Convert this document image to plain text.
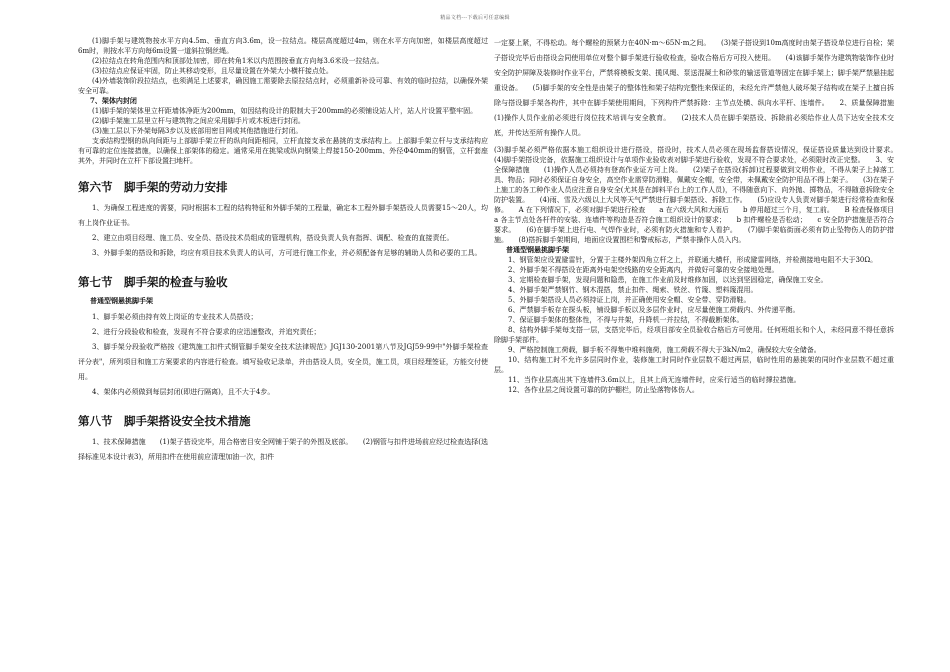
精品文档---下载后可任意编辑

(1)脚手架与建筑物按水平方向4.5m、垂直方向3.6m，设一拉结点。楼层高度超过4m，则在水平方向加密，如楼层高度超过6m时，则按水平方向每6m设置一道斜拉钢丝绳。

(2)拉结点在转角范围内和顶部处加密，即在转角1米以内范围按垂直方向每3.6米设一拉结点。

(3)拉结点应保证牢固，防止其移动变形，且尽量设置在外架大小横杆接点处。

(4)外墙装饰阶段拉结点，也须满足上述要求，确因施工需要除去原拉结点时，必须重新补设可靠、有效的临时拉结，以确保外架安全可靠。

7、架体内封闭

(1)脚手架的架体里立杆距墙体净距为200mm，如因结构设计的限制大于200mm的必须铺设站人片，站人片设置平整牢固。

(2)脚手架施工层里立杆与建筑物之间应采用脚手片或木板进行封闭。

(3)施工层以下外架每隔3步以及底部用密目网或其他措施进行封闭。

支承结构型钢的纵向间距与上部脚手架立杆的纵向间距相同，立杆直接支承在悬挑的支承结构上。上部脚手架立杆与支承结构应有可靠的定位连接措施，以确保上部架体的稳定。通常采用在挑梁或纵向钢梁上焊接150-200mm、外径Φ40mm的钢管，立杆套座其外，并同时在立杆下部设置扫地杆。

第六节　脚手架的劳动力安排

1、为确保工程进度的需要，同时根据本工程的结构特征和外脚手架的工程量，确定本工程外脚手架搭设人员需要15～20人，均有上岗作业证书。

2、建立由项目经理、施工员、安全员、搭设技术员组成的管理机构，搭设负责人负有指挥、调配、检查的直接责任。

3、外脚手架的搭设和拆除，均应有项目技术负责人的认可，方可进行施工作业，并必须配备有足够的辅助人员和必要的工具。

第七节　脚手架的检查与验收

普通型钢悬挑脚手架

1、脚手架必须由持有效上岗证的专业技术人员搭设；

2、进行分段验收和检查，发现有不符合要求的应迅速整改，并追究责任；

3、脚手架分段验收严格按《建筑施工扣件式钢管脚手架安全技术法律规范》JGJ130-2001第八节及JGJ59-99中"外脚手架检查评分表"，所列项目和施工方案要求的内容进行检查。填写验收记录单，并由搭设人员，安全员，施工员，项目经理签证，方能交付使用。

4、架体内必须做到每层封闭(即进行隔离)，且不大于4步。

第八节　脚手架搭设安全技术措施

1、技术保障措施　　(1)架子搭设完毕，用合格密目安全网铺于架子的外围及底部。　　(2)钢管与扣件进场前应经过检查选择(选择标准见本设计表3)，所用扣件在使用前应清理加油一次，扣件

一定要上紧，不得松动。每个螺栓的预紧力在40N·m～65N·m之间。　　(3)架子搭设到10m高度时由架子搭设单位进行自检；架子搭设完毕后由搭设会同使用单位对整个脚手架进行验收检查，验收合格后方可投入使用。　　(4)该脚手架作为建筑物装饰作业时安全防护屏障及装修时作业平台，严禁将模板支架、揽风绳、泵送混凝土和砂浆的输送管道等固定在脚手架上；脚手架严禁悬挂起重设备。　　(5)脚手架的安全性是由架子的整体性和架子结构完整性来保证的，未经允许严禁他人破坏架子结构或在架子上擅自拆除与搭设脚手架各构件，其中在脚手架使用期间，下列构件严禁拆除：主节点处横、纵向水平杆、连墙件。　　2、质量保障措施　　(1)操作人员作业前必须进行岗位技术培训与安全教育。　　(2)技术人员在脚手架搭设、拆除前必须给作业人员下达安全技术交底，并传达至所有操作人员。

(3)脚手架必须严格依据本施工组织设计进行搭设，搭设时，技术人员必须在现场监督搭设情况，保证搭设质量达到设计要求。　　(4)脚手架搭设完备，依据施工组织设计与单项作业验收表对脚手架进行验收，发现不符合要求处，必须限时改正完整。　　3、安全保障措施　　(1)操作人员必须持有登高作业证方可上岗。　　(2)架子在搭设(拆卸)过程要做到文明作业，不得从架子上掉落工具、物品；同时必须保证自身安全，高空作业需穿防滑鞋，佩戴安全帽，安全带，未佩戴安全防护用品不得上架子。　　(3)在架子上施工的各工种作业人员应注意自身安全(尤其是在卸料平台上的工作人员)，不得随意向下、向外抛、掷物品，不得随意拆除安全防护装置。　　(4)雨、雪及六级以上大风等天气严禁进行脚手架搭设、拆除工作。　　(5)应设专人负责对脚手架进行经常检查和保修。　　A 在下列情况下，必须对脚手架进行检查　　a 在六级大风和大雨后　　b 停用超过三个月，复工前。　　B 检查保修项目　　a 各主节点处各杆件的安装、连墙件等构造是否符合施工组织设计的要求；　　b 扣件螺栓是否松动；　　c 安全防护措施是否符合要求。　　(6)在脚手架上进行电、气焊作业时，必须有防火措施和专人看护。　　(7)脚手架临街面必须有防止坠物伤人的防护措施。　　(8)搭拆脚手架期间，地面应设置围栏和警戒标志，严禁非操作人员入内。

普通型钢悬挑脚手架

1、钢管架应设置避雷针，分置于主楼外架四角立杆之上，并联通大横杆，形成避雷网络，并检测接地电阻不大于30Ω。

2、外脚手架不得搭设在距离外电架空线路的安全距离内，并做好可靠的安全接地处理。

3、定期检查脚手架，发现问题和隐患，在施工作业前及时维修加固，以达到坚固稳定，确保施工安全。

4、外脚手架严禁钢竹、钢木混搭，禁止扣件、绳索、铁丝、竹篾、塑料篾混用。

5、外脚手架搭设人员必须持证上岗，并正确使用安全帽、安全带、穿防滑鞋。

6、严禁脚手板存在探头板，铺设脚手板以及多层作业时，应尽量使施工荷载内、外传递平衡。

7、保证脚手架体的整体性，不得与井架，升降机一并拉结，不得截断架体。

8、结构外脚手架每支搭一层，支搭完毕后，经项目部安全员验收合格后方可使用。任何班组长和个人，未经同意不得任意拆除脚手架部件。

9、严格控制施工荷载，脚手板不得集中堆料施荷，施工荷载不得大于3kN/m2，确保较大安全储备。

10、结构施工时不允许多层同时作业，装修施工时同时作业层数不超过两层，临时性用的悬挑架的同时作业层数不超过重层。

11、当作业层高出其下连墙件3.6m以上，且其上尚无连墙件时，应采行适当的临时撑拉措施。

12、各作业层之间设置可靠的防护棚栏，防止坠落物体伤人。
